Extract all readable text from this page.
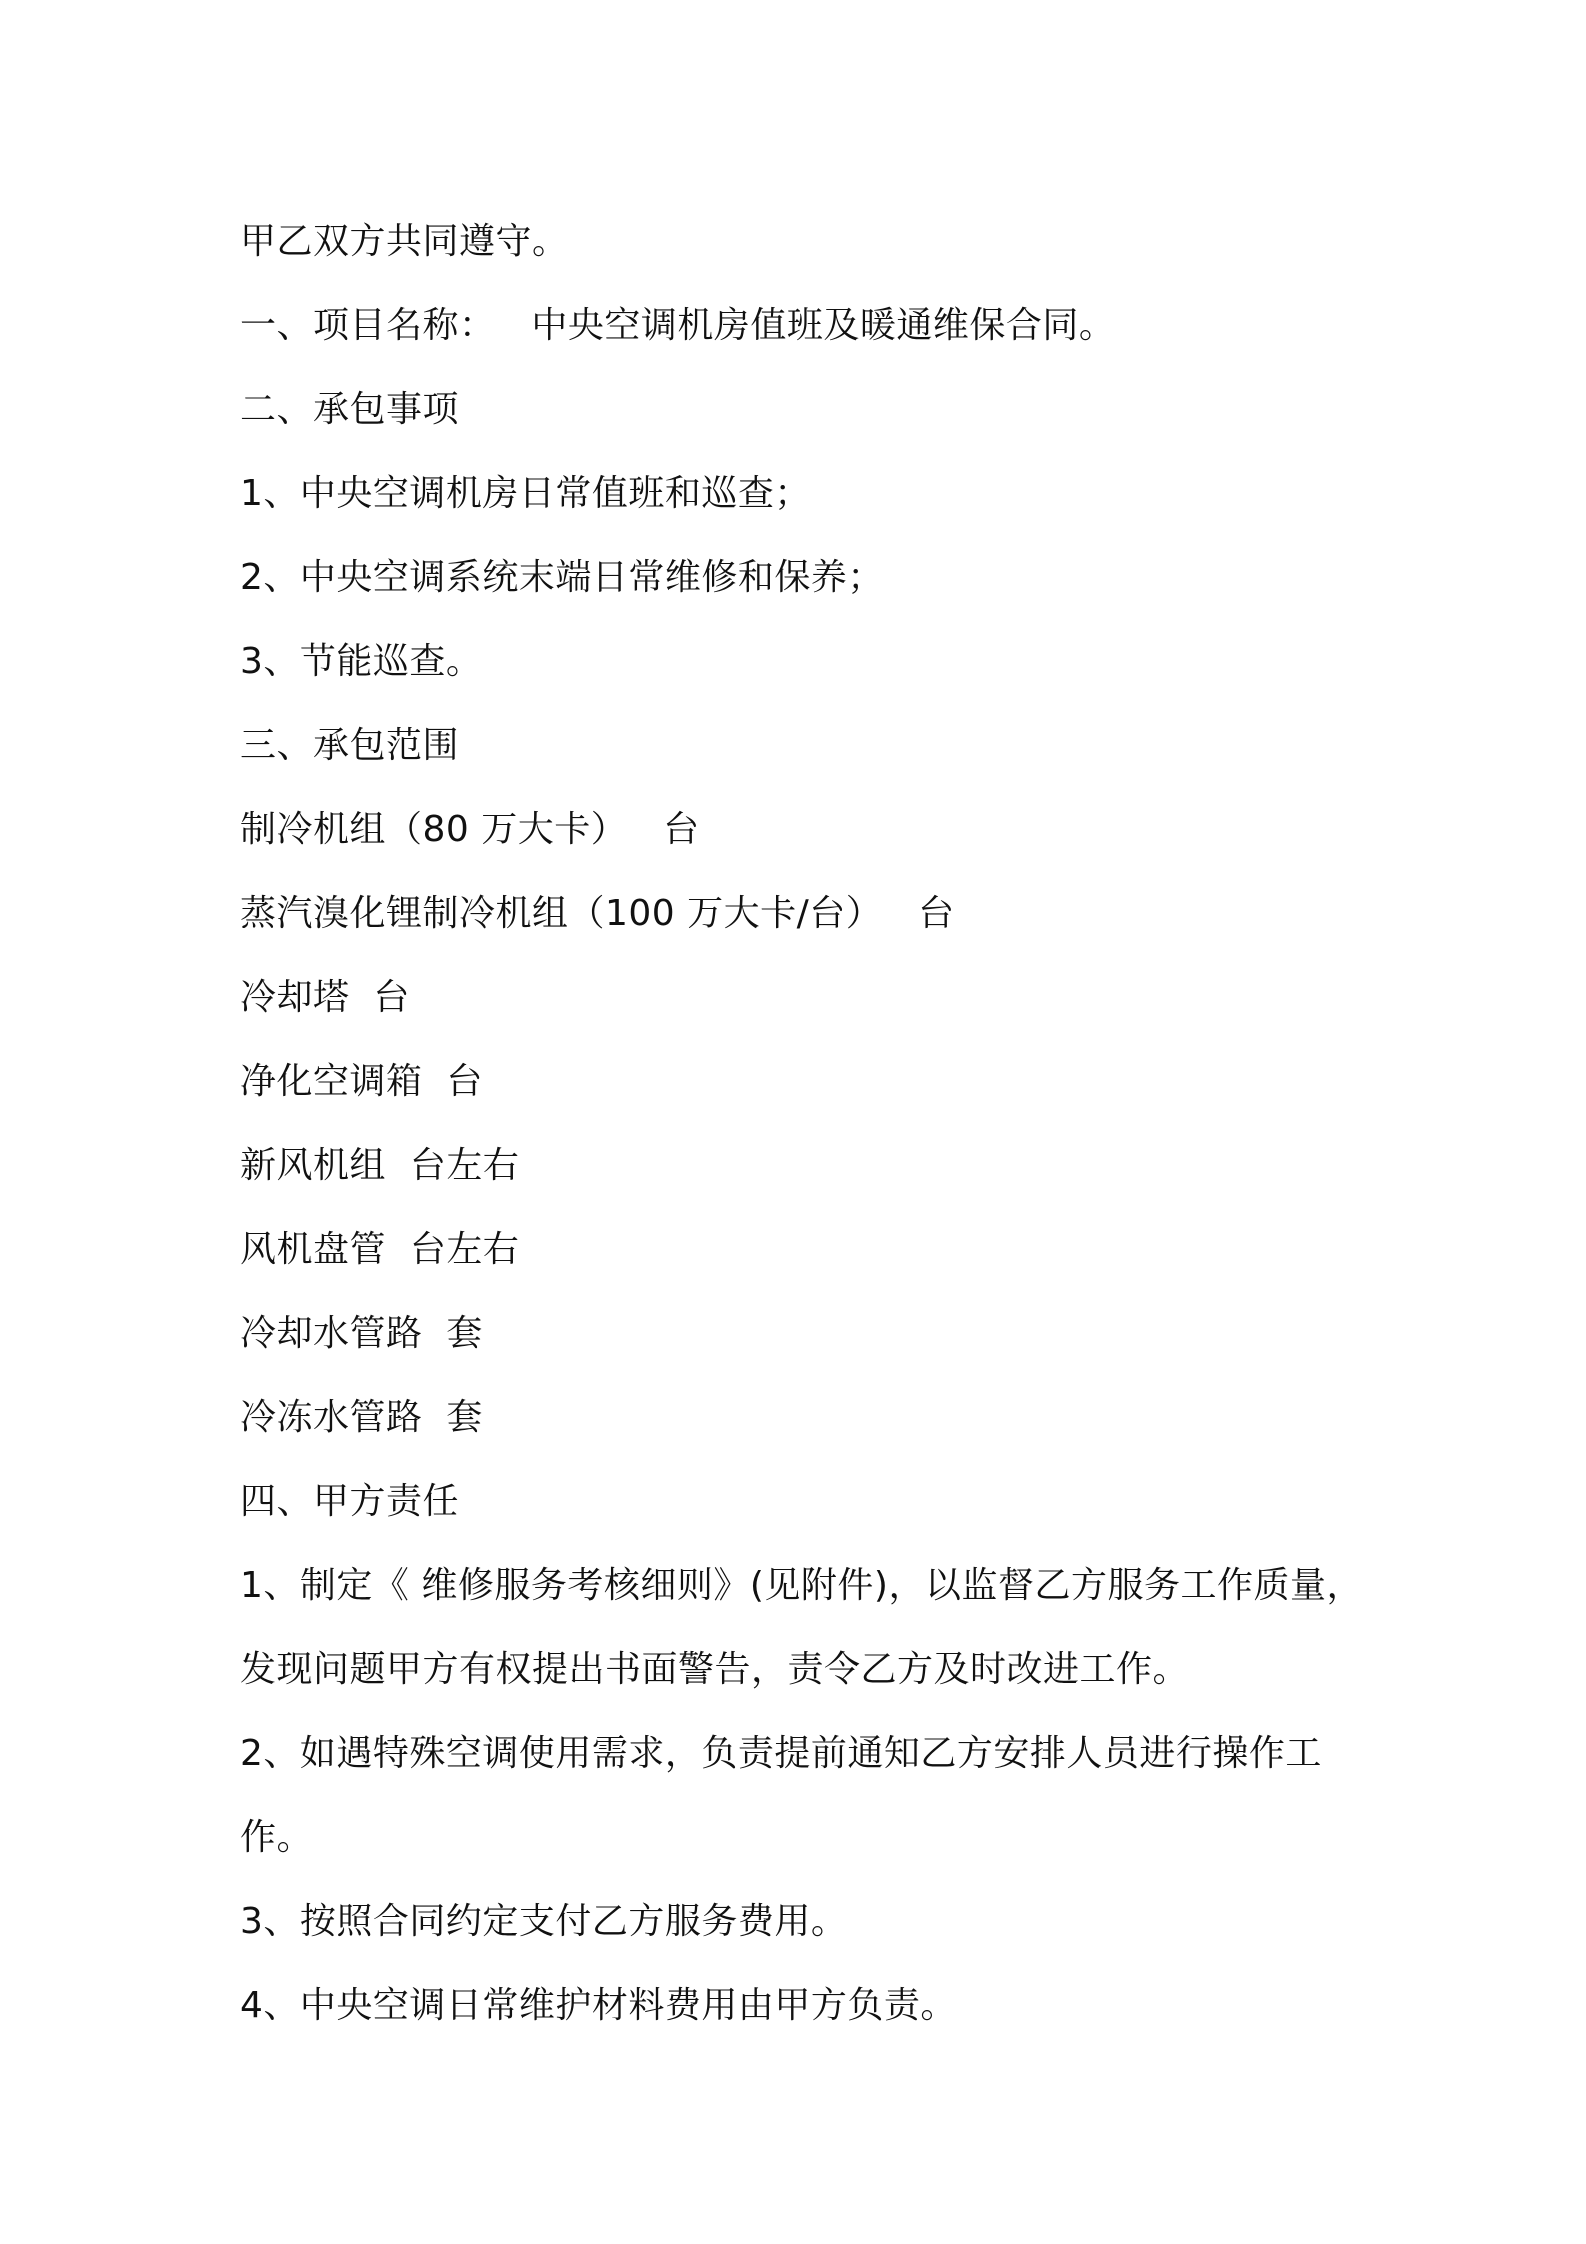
甲乙双方共同遵守。
一、项目名称：   中央空调机房值班及暖通维保合同。
二、承包事项
1、中央空调机房日常值班和巡查；
2、中央空调系统末端日常维修和保养；
3、节能巡查。
三、承包范围
制冷机组（80 万大卡）   台
蒸汽溴化锂制冷机组（100 万大卡/台）   台
冷却塔  台
净化空调箱  台
新风机组  台左右
风机盘管  台左右
冷却水管路  套
冷冻水管路  套
四、甲方责任
1、制定《 维修服务考核细则》(见附件)，以监督乙方服务工作质量，
发现问题甲方有权提出书面警告，责令乙方及时改进工作。
2、如遇特殊空调使用需求，负责提前通知乙方安排人员进行操作工
作。
3、按照合同约定支付乙方服务费用。
4、中央空调日常维护材料费用由甲方负责。
